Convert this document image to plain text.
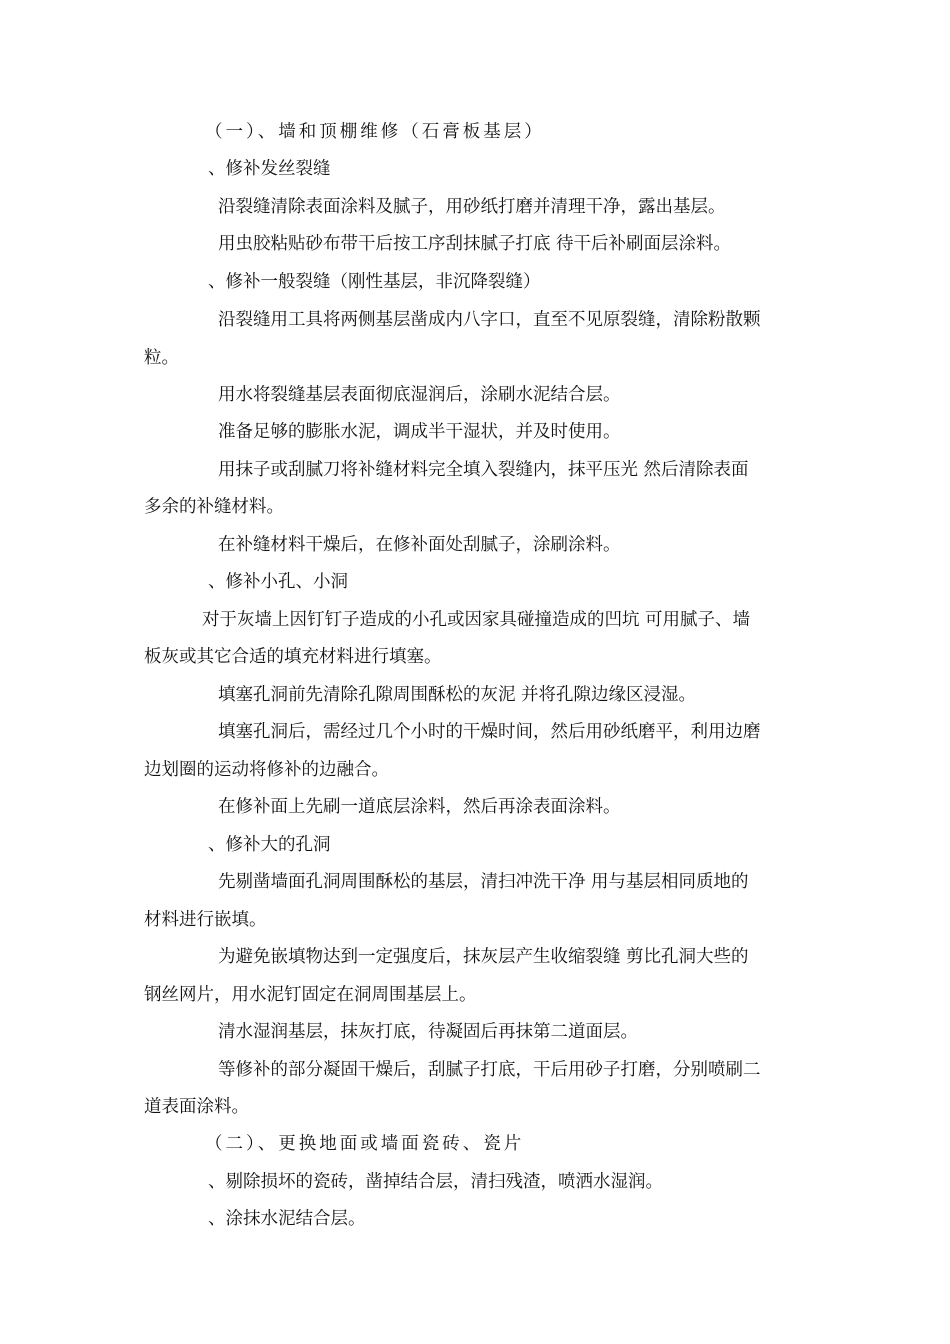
（一）、墙和顶棚维修（石膏板基层）
、修补发丝裂缝
沿裂缝清除表面涂料及腻子，用砂纸打磨并清理干净，露出基层。
用虫胶粘贴砂布带干后按工序刮抹腻子打底 待干后补刷面层涂料。
、修补一般裂缝（刚性基层，非沉降裂缝）
沿裂缝用工具将两侧基层凿成内八字口，直至不见原裂缝，清除粉散颗
粒。
用水将裂缝基层表面彻底湿润后，涂刷水泥结合层。
准备足够的膨胀水泥，调成半干湿状，并及时使用。
用抹子或刮腻刀将补缝材料完全填入裂缝内，抹平压光 然后清除表面
多余的补缝材料。
在补缝材料干燥后，在修补面处刮腻子，涂刷涂料。
、修补小孔、小洞
对于灰墙上因钉钉子造成的小孔或因家具碰撞造成的凹坑 可用腻子、墙
板灰或其它合适的填充材料进行填塞。
填塞孔洞前先清除孔隙周围酥松的灰泥 并将孔隙边缘区浸湿。
填塞孔洞后，需经过几个小时的干燥时间，然后用砂纸磨平，利用边磨
边划圈的运动将修补的边融合。
在修补面上先刷一道底层涂料，然后再涂表面涂料。
、修补大的孔洞
先剔凿墙面孔洞周围酥松的基层，清扫冲洗干净 用与基层相同质地的
材料进行嵌填。
为避免嵌填物达到一定强度后，抹灰层产生收缩裂缝 剪比孔洞大些的
钢丝网片，用水泥钉固定在洞周围基层上。
清水湿润基层，抹灰打底，待凝固后再抹第二道面层。
等修补的部分凝固干燥后，刮腻子打底，干后用砂子打磨，分别喷刷二
道表面涂料。
（二）、更换地面或墙面瓷砖、瓷片
、剔除损坏的瓷砖，凿掉结合层，清扫残渣，喷洒水湿润。
、涂抹水泥结合层。
